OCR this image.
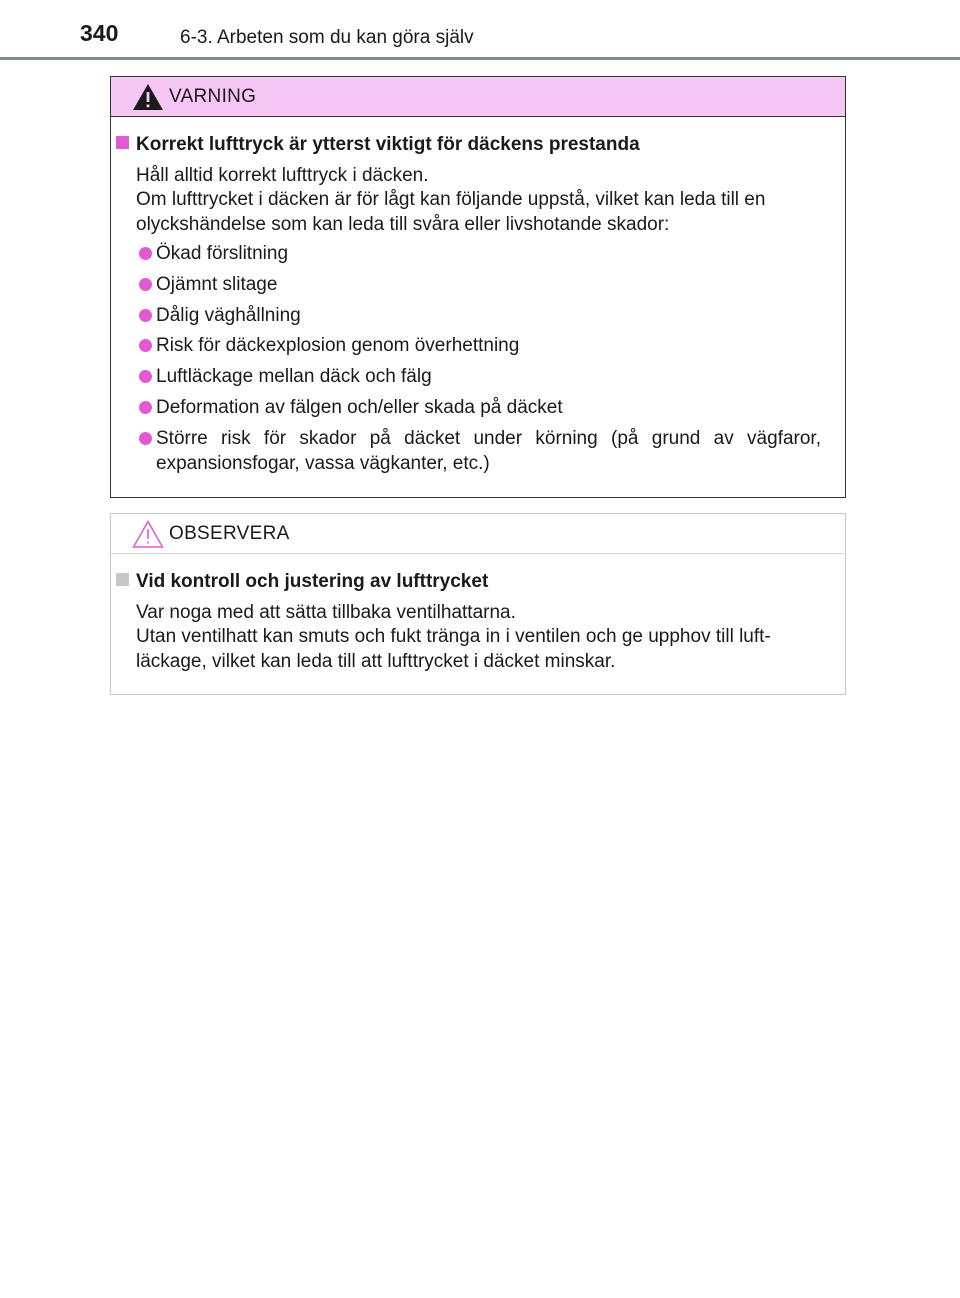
340	6-3. Arbeten som du kan göra själv
VARNING
Korrekt lufttryck är ytterst viktigt för däckens prestanda
Håll alltid korrekt lufttryck i däcken.
Om lufttrycket i däcken är för lågt kan följande uppstå, vilket kan leda till en olyckshändelse som kan leda till svåra eller livshotande skador:
Ökad förslitning
Ojämnt slitage
Dålig väghållning
Risk för däckexplosion genom överhettning
Luftläckage mellan däck och fälg
Deformation av fälgen och/eller skada på däcket
Större risk för skador på däcket under körning (på grund av vägfaror, expansionsfogar, vassa vägkanter, etc.)
OBSERVERA
Vid kontroll och justering av lufttrycket
Var noga med att sätta tillbaka ventilhattarna.
Utan ventilhatt kan smuts och fukt tränga in i ventilen och ge upphov till luft-läckage, vilket kan leda till att lufttrycket i däcket minskar.
